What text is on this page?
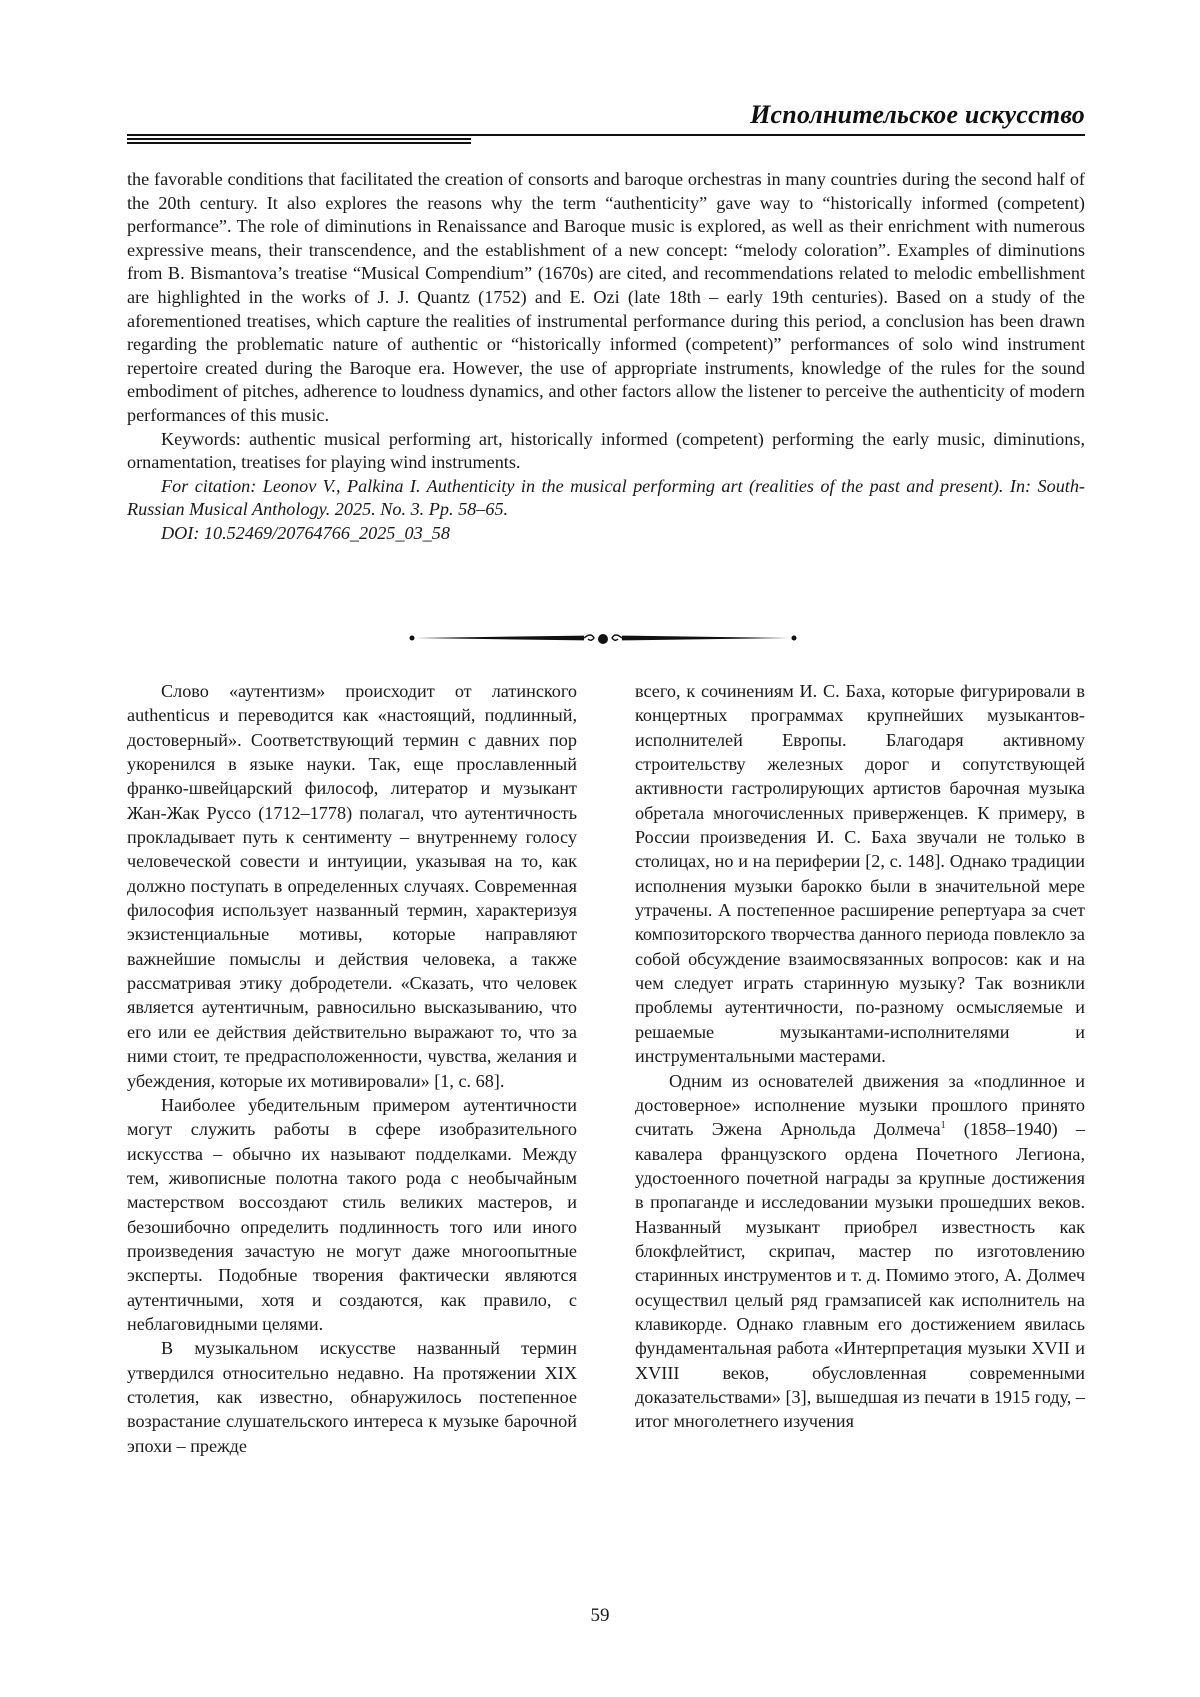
Исполнительское искусство

the favorable conditions that facilitated the creation of consorts and baroque orchestras in many countries during the second half of the 20th century. It also explores the reasons why the term “authenticity” gave way to “historically informed (competent) performance”. The role of diminutions in Renaissance and Baroque music is explored, as well as their enrichment with numerous expressive means, their transcendence, and the establishment of a new concept: “melody coloration”. Examples of diminutions from B. Bismantova’s treatise “Musical Compendium” (1670s) are cited, and recommendations related to melodic embellishment are highlighted in the works of J. J. Quantz (1752) and E. Ozi (late 18th – early 19th centuries). Based on a study of the aforementioned treatises, which capture the realities of instrumental performance during this period, a conclusion has been drawn regarding the problematic nature of authentic or “historically informed (competent)” performances of solo wind instrument repertoire created during the Baroque era. However, the use of appropriate instruments, knowledge of the rules for the sound embodiment of pitches, adherence to loudness dynamics, and other factors allow the listener to perceive the authenticity of modern performances of this music.

Keywords: authentic musical performing art, historically informed (competent) performing the early music, diminutions, ornamentation, treatises for playing wind instruments.

For citation: Leonov V., Palkina I. Authenticity in the musical performing art (realities of the past and present). In: South-Russian Musical Anthology. 2025. No. 3. Pp. 58–65.

DOI: 10.52469/20764766_2025_03_58

Слово «аутентизм» происходит от латинского authenticus и переводится как «настоящий, подлинный, достоверный». Соответствующий термин с давних пор укоренился в языке науки. Так, еще прославленный франко-швейцарский философ, литератор и музыкант Жан-Жак Руссо (1712–1778) полагал, что аутентичность прокладывает путь к сентименту – внутреннему голосу человеческой совести и интуиции, указывая на то, как должно поступать в определенных случаях. Современная философия использует названный термин, характеризуя экзистенциальные мотивы, которые направляют важнейшие помыслы и действия человека, а также рассматривая этику добродетели. «Сказать, что человек является аутентичным, равносильно высказыванию, что его или ее действия действительно выражают то, что за ними стоит, те предрасположенности, чувства, желания и убеждения, которые их мотивировали» [1, с. 68].

Наиболее убедительным примером аутентичности могут служить работы в сфере изобразительного искусства – обычно их называют подделками. Между тем, живописные полотна такого рода с необычайным мастерством воссоздают стиль великих мастеров, и безошибочно определить подлинность того или иного произведения зачастую не могут даже многоопытные эксперты. Подобные творения фактически являются аутентичными, хотя и создаются, как правило, с неблаговидными целями.

В музыкальном искусстве названный термин утвердился относительно недавно. На протяжении XIX столетия, как известно, обнаружилось постепенное возрастание слушательского интереса к музыке барочной эпохи – прежде

всего, к сочинениям И. С. Баха, которые фигурировали в концертных программах крупнейших музыкантов-исполнителей Европы. Благодаря активному строительству железных дорог и сопутствующей активности гастролирующих артистов барочная музыка обретала многочисленных приверженцев. К примеру, в России произведения И. С. Баха звучали не только в столицах, но и на периферии [2, с. 148]. Однако традиции исполнения музыки барокко были в значительной мере утрачены. А постепенное расширение репертуара за счет композиторского творчества данного периода повлекло за собой обсуждение взаимосвязанных вопросов: как и на чем следует играть старинную музыку? Так возникли проблемы аутентичности, по-разному осмысляемые и решаемые музыкантами-исполнителями и инструментальными мастерами.

Одним из основателей движения за «подлинное и достоверное» исполнение музыки прошлого принято считать Эжена Арнольда Долмеча$^1$ (1858–1940) – кавалера французского ордена Почетного Легиона, удостоенного почетной награды за крупные достижения в пропаганде и исследовании музыки прошедших веков. Названный музыкант приобрел известность как блокфлейтист, скрипач, мастер по изготовлению старинных инструментов и т. д. Помимо этого, А. Долмеч осуществил целый ряд грамзаписей как исполнитель на клавикорде. Однако главным его достижением явилась фундаментальная работа «Интерпретация музыки XVII и XVIII веков, обусловленная современными доказательствами» [3], вышедшая из печати в 1915 году, – итог многолетнего изучения

59
